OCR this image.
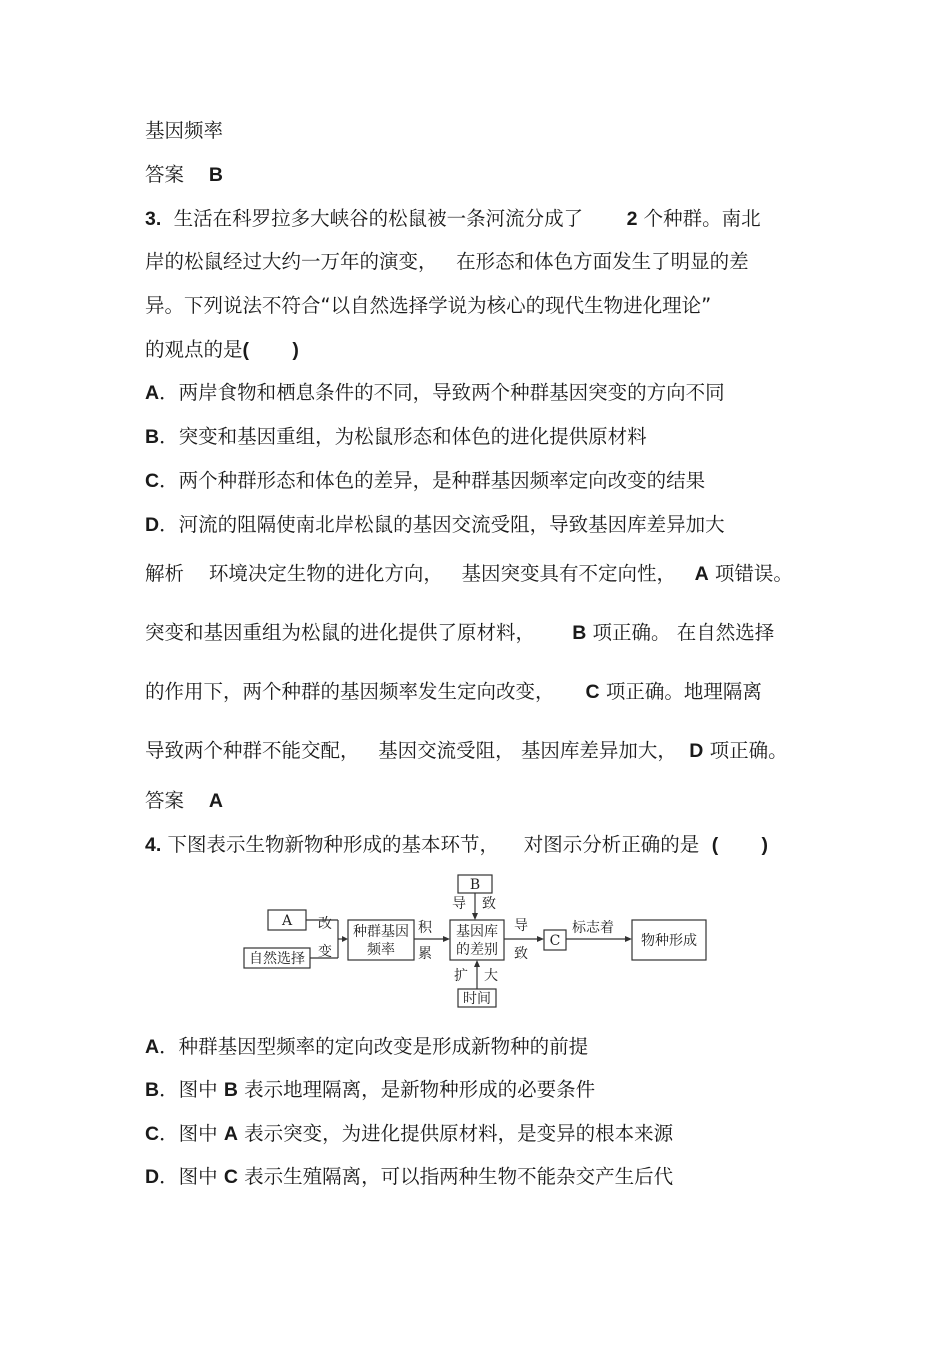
基因频率
答案 B
3. 生活在科罗拉多大峡谷的松鼠被一条河流分成了 2 个种群。南北
岸的松鼠经过大约一万年的演变， 在形态和体色方面发生了明显的差
异。下列说法不符合“以自然选择学说为核心的现代生物进化理论”
的观点的是(        )
A．两岸食物和栖息条件的不同，导致两个种群基因突变的方向不同
B．突变和基因重组，为松鼠形态和体色的进化提供原材料
C．两个种群形态和体色的差异，是种群基因频率定向改变的结果
D．河流的阻隔使南北岸松鼠的基因交流受阻，导致基因库差异加大
解析 环境决定生物的进化方向， 基因突变具有不定向性， A 项错误。
突变和基因重组为松鼠的进化提供了原材料， B 项正确。 在自然选择
的作用下，两个种群的基因频率发生定向改变， C 项正确。地理隔离
导致两个种群不能交配， 基因交流受阻， 基因库差异加大， D 项正确。
答案 A
4. 下图表示生物新物种形成的基本环节， 对图示分析正确的是 (        )
A
自然选择
改
变
种群基因
频率
积
累
B
导 致
基因库
的差别
扩 大
时间
导
致
C
标志着
物种形成
A．种群基因型频率的定向改变是形成新物种的前提
B．图中 B 表示地理隔离，是新物种形成的必要条件
C．图中 A 表示突变，为进化提供原材料，是变异的根本来源
D．图中 C 表示生殖隔离，可以指两种生物不能杂交产生后代
